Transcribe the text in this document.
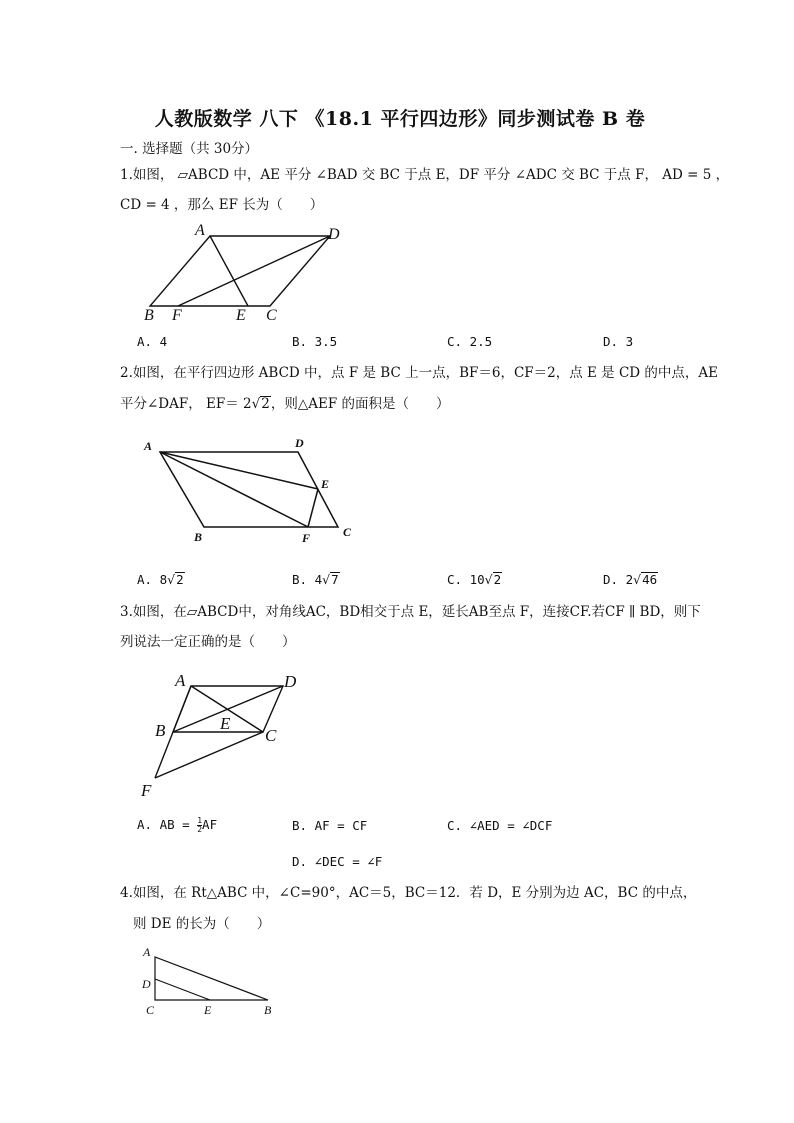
人教版数学 八下 《18.1 平行四边形》同步测试卷 B 卷
一. 选择题（共 30分）
1.如图， ▱ABCD 中，AE 平分 ∠BAD 交 BC 于点 E，DF 平分 ∠ADC 交 BC 于点 F， AD = 5 ，
CD = 4 ，那么 EF 长为（　　）
A	D
B F	E C
A. 4	B. 3.5	C. 2.5	D. 3
2.如图，在平行四边形 ABCD 中，点 F 是 BC 上一点，BF＝6，CF＝2，点 E 是 CD 的中点，AE
平分∠DAF， EF＝ 2√2，则△AEF 的面积是（　　）
A	D
E
B	F	C
A. 8√2	B. 4√7	C. 10√2	D. 2√46
3.如图，在▱ABCD中，对角线AC，BD相交于点 E，延长AB至点 F，连接CF.若CF ∥ BD，则下
列说法一定正确的是（　　）
A	D
E
B	C
F
A. AB = $\frac{1}{2}$ AF	B. AF = CF	C. ∠AED = ∠DCF
D. ∠DEC = ∠F
4.如图，在 Rt△ABC 中，∠C=90°，AC＝5，BC＝12．若 D，E 分别为边 AC，BC 的中点，
则 DE 的长为（　　）
A
D
C	E	B
